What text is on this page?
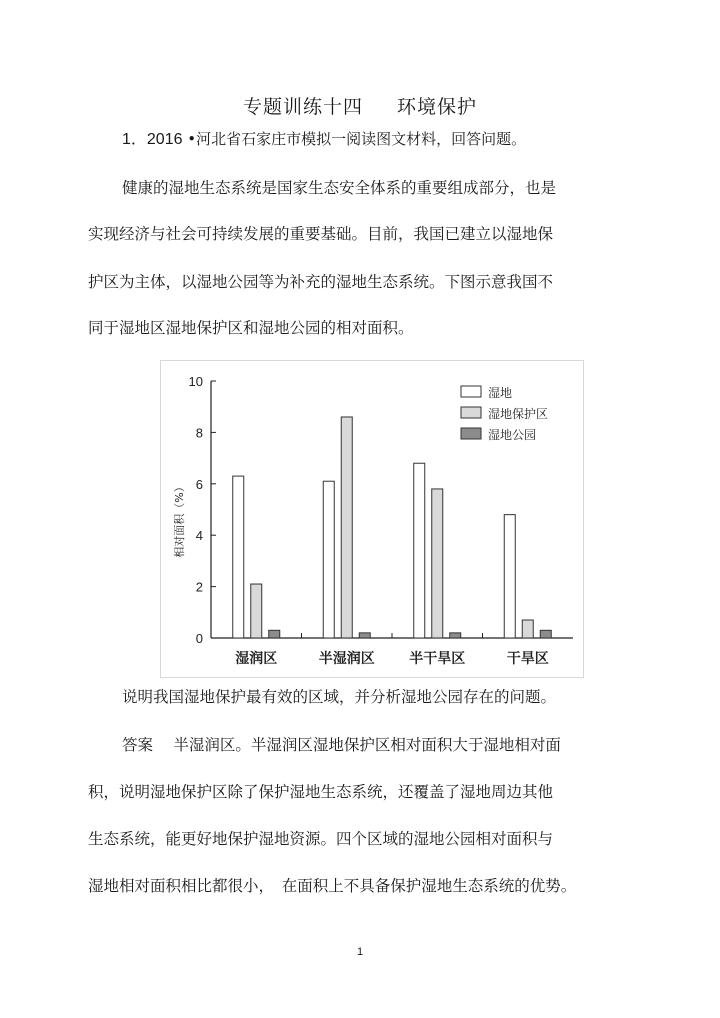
专题训练十四 环境保护
1．2016 •河北省石家庄市模拟一阅读图文材料，回答问题。
健康的湿地生态系统是国家生态安全体系的重要组成部分，也是
实现经济与社会可持续发展的重要基础。目前，我国已建立以湿地保
护区为主体，以湿地公园等为补充的湿地生态系统。下图示意我国不
同于湿地区湿地保护区和湿地公园的相对面积。
0
2
4
6
8
10
相对面积（%）
湿润区	半湿润区 半干旱区	干旱区
湿地
湿地保护区
湿地公园
说明我国湿地保护最有效的区域，并分析湿地公园存在的问题。
答案　 半湿润区。半湿润区湿地保护区相对面积大于湿地相对面
积，说明湿地保护区除了保护湿地生态系统，还覆盖了湿地周边其他
生态系统，能更好地保护湿地资源。四个区域的湿地公园相对面积与
湿地相对面积相比都很小，　在面积上不具备保护湿地生态系统的优势。
1
